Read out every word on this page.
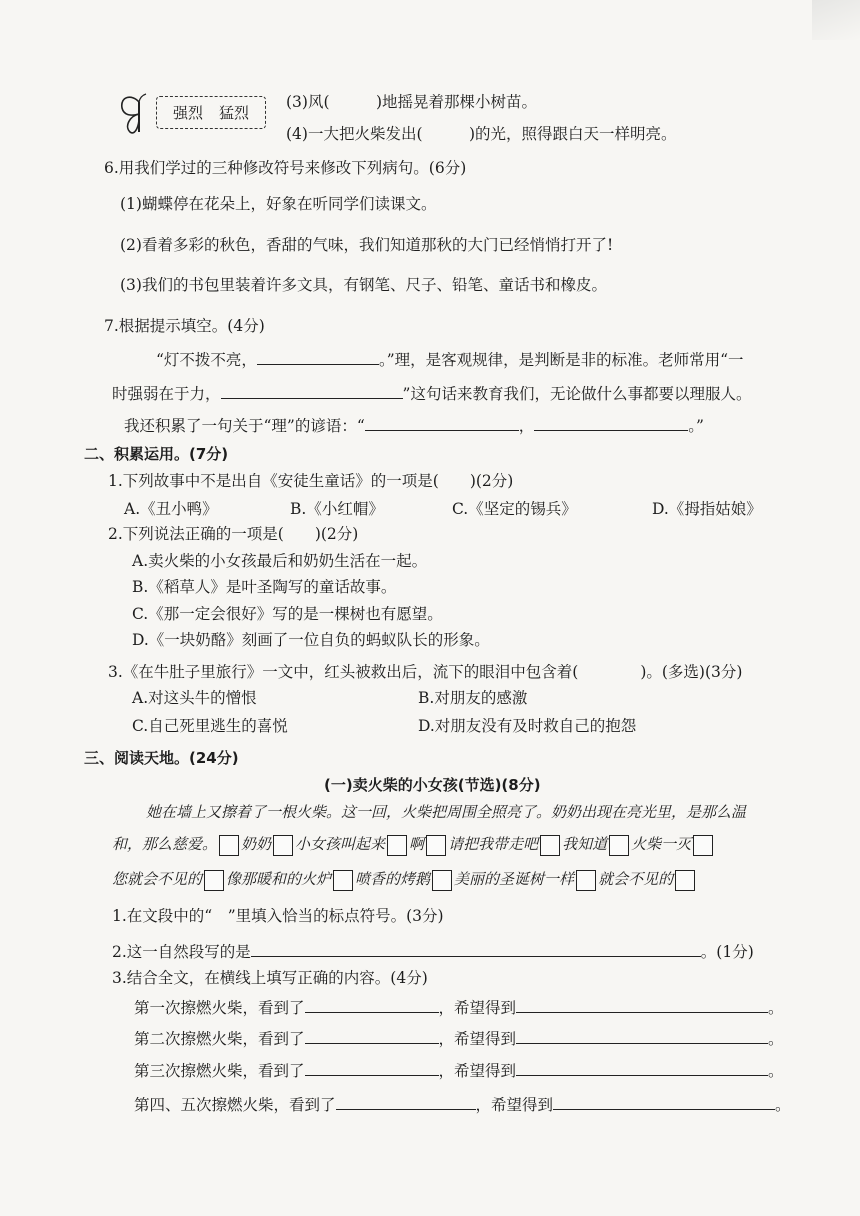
强烈 猛烈
(3)风(　　　)地摇晃着那棵小树苗。
(4)一大把火柴发出(　　　)的光，照得跟白天一样明亮。
6.用我们学过的三种修改符号来修改下列病句。(6分)
(1)蝴蝶停在花朵上，好象在听同学们读课文。
(2)看着多彩的秋色，香甜的气味，我们知道那秋的大门已经悄悄打开了!
(3)我们的书包里装着许多文具，有钢笔、尺子、铅笔、童话书和橡皮。
7.根据提示填空。(4分)
“灯不拨不亮，	。”理，是客观规律，是判断是非的标准。老师常用“一
时强弱在于力，	”这句话来教育我们，无论做什么事都要以理服人。
我还积累了一句关于“理”的谚语：“	，	。”
二、积累运用。(7分)
1.下列故事中不是出自《安徒生童话》的一项是(　　)(2分)
A.《丑小鸭》	B.《小红帽》	C.《坚定的锡兵》	D.《拇指姑娘》
2.下列说法正确的一项是(　　)(2分)
A.卖火柴的小女孩最后和奶奶生活在一起。
B.《稻草人》是叶圣陶写的童话故事。
C.《那一定会很好》写的是一棵树也有愿望。
D.《一块奶酪》刻画了一位自负的蚂蚁队长的形象。
3.《在牛肚子里旅行》一文中，红头被救出后，流下的眼泪中包含着(　　　　)。(多选)(3分)
A.对这头牛的憎恨	B.对朋友的感激
C.自己死里逃生的喜悦	D.对朋友没有及时救自己的抱怨
三、阅读天地。(24分)
(一)卖火柴的小女孩(节选)(8分)
她在墙上又擦着了一根火柴。这一回，火柴把周围全照亮了。奶奶出现在亮光里，是那么温
和，那么慈爱。 奶奶 小女孩叫起来 啊 请把我带走吧 我知道 火柴一灭
您就会不见的 像那暖和的火炉 喷香的烤鹅 美丽的圣诞树一样 就会不见的
1.在文段中的“　”里填入恰当的标点符号。(3分)
2.这一自然段写的是	。(1分)
3.结合全文，在横线上填写正确的内容。(4分)
第一次擦燃火柴，看到了	，希望得到	。
第二次擦燃火柴，看到了	，希望得到	。
第三次擦燃火柴，看到了	，希望得到	。
第四、五次擦燃火柴，看到了	，希望得到	。
